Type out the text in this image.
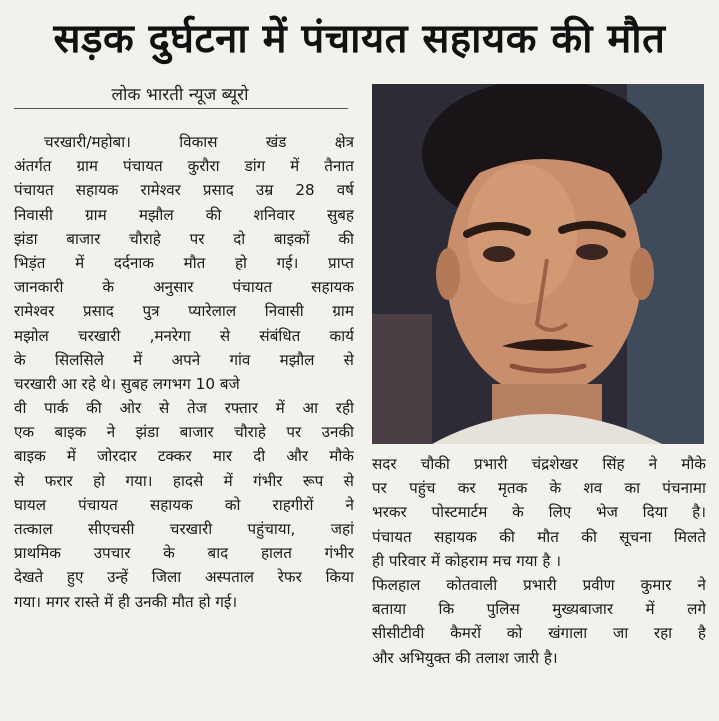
सड़क दुर्घटना में पंचायत सहायक की मौत
लोक भारती न्यूज ब्यूरो
चरखारी/महोबा।	विकास	खंड	क्षेत्र
अंतर्गत ग्राम पंचायत कुरौरा डांग में तैनात
पंचायत सहायक रामेश्वर प्रसाद उम्र 28 वर्ष
निवासी ग्राम मझौल की शनिवार सुबह
झंडा बाजार चौराहे पर दो बाइकों की
भिड़ंत में दर्दनाक मौत हो गई। प्राप्त
जानकारी	के	अनुसार	पंचायत	सहायक
रामेश्वर प्रसाद पुत्र प्यारेलाल निवासी ग्राम
मझोल चरखारी ,मनरेगा से संबंधित कार्य
के सिलसिले में अपने गांव मझौल से
चरखारी आ रहे थे। सुबह लगभग 10 बजे
वी पार्क की ओर से तेज रफ्तार में आ रही
एक बाइक ने झंडा बाजार चौराहे पर उनकी
बाइक में जोरदार टक्कर मार दी और मौके
से फरार हो गया। हादसे में गंभीर रूप से
घायल पंचायत सहायक को राहगीरों ने
तत्काल सीएचसी चरखारी पहुंचाया, जहां
प्राथमिक उपचार के बाद हालत गंभीर
देखते हुए उन्हें जिला अस्पताल रेफर किया
गया। मगर रास्ते में ही उनकी मौत हो गई।
सदर चौकी प्रभारी चंद्रशेखर सिंह ने मौके
पर पहुंच कर मृतक के शव का पंचनामा
भरकर पोस्टमार्टम के लिए भेज दिया है।
पंचायत सहायक की मौत की सूचना मिलते
ही परिवार में कोहराम मच गया है ।
फिलहाल कोतवाली प्रभारी प्रवीण कुमार ने
बताया कि पुलिस मुख्यबाजार में लगे
सीसीटीवी कैमरों को खंगाला जा रहा है
और अभियुक्त की तलाश जारी है।
